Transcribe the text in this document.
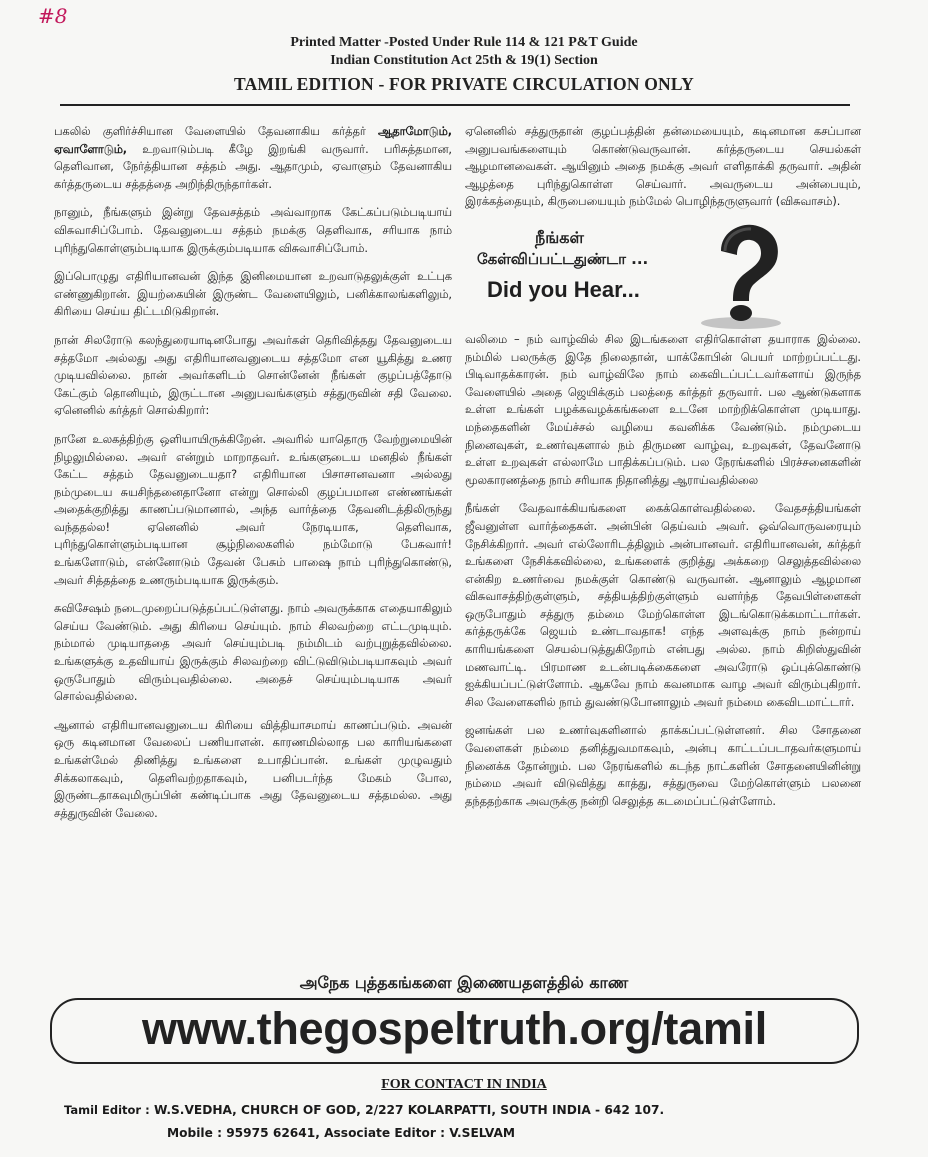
#8
Printed Matter -Posted Under Rule 114 & 121 P&T Guide
Indian Constitution Act 25th & 19(1) Section
TAMIL EDITION - FOR PRIVATE CIRCULATION ONLY

பகலில் குளிர்ச்சியான வேளையில் தேவனாகிய கர்த்தர் ஆதாமோடும், ஏவாளோடும், உறவாடும்படி கீழே இறங்கி வருவார். பரிசுத்தமான, தெளிவான, நேர்த்தியான சத்தம் அது. ஆதாமும், ஏவாளும் தேவனாகிய கர்த்தருடைய சத்தத்தை அறிந்திருந்தார்கள்.

நானும், நீங்களும் இன்று தேவசத்தம் அவ்வாறாக கேட்கப்படும்படியாய் விசுவாசிப்போம். தேவனுடைய சத்தம் நமக்கு தெளிவாக, சரியாக நாம் புரிந்துகொள்ளும்படியாக இருக்கும்படியாக விசுவாசிப்போம்.

இப்பொழுது எதிரியானவன் இந்த இனிமையான உறவாடுதலுக்குள் உட்புக எண்ணுகிறான். இயற்கையின் இருண்ட வேளையிலும், பனிக்காலங்களிலும், கிரியை செய்ய திட்டமிடுகிறான்.

நான் சிலரோடு கலந்துரையாடினபோது அவர்கள் தெரிவித்தது தேவனுடைய சத்தமோ அல்லது அது எதிரியானவனுடைய சத்தமோ என யூகித்து உணர முடியவில்லை. நான் அவர்களிடம் சொன்னேன் நீங்கள் குழப்பத்தோடு கேட்கும் தொனியும், இருட்டான அனுபவங்களும் சத்துருவின் சதி வேலை. ஏனெனில் கர்த்தர் சொல்கிறார்:

நானே உலகத்திற்கு ஒளியாயிருக்கிறேன். அவரில் யாதொரு வேற்றுமையின் நிழலுமில்லை. அவர் என்றும் மாறாதவர். உங்களுடைய மனதில் நீங்கள் கேட்ட சத்தம் தேவனுடையதா? எதிரியான பிசாசானவனா அல்லது நம்முடைய சுயசிந்தனைதானோ என்று சொல்லி குழப்பமான எண்ணங்கள் அதைக்குறித்து காணப்படுமானால், அந்த வார்த்தை தேவனிடத்திலிருந்து வந்ததல்ல! ஏனெனில் அவர் நேரடியாக, தெளிவாக, புரிந்துகொள்ளும்படியான சூழ்நிலைகளில் நம்மோடு பேசுவார்! உங்களோடும், என்னோடும் தேவன் பேசும் பாஷை நாம் புரிந்துகொண்டு, அவர் சித்தத்தை உணரும்படியாக இருக்கும்.

சுவிசேஷம் நடைமுறைப்படுத்தப்பட்டுள்ளது. நாம் அவருக்காக எதையாகிலும் செய்ய வேண்டும். அது கிரியை செய்யும். நாம் சிலவற்றை எட்டமுடியும். நம்மால் முடியாததை அவர் செய்யும்படி நம்மிடம் வற்புறுத்தவில்லை. உங்களுக்கு உதவியாய் இருக்கும் சிலவற்றை விட்டுவிடும்படியாகவும் அவர் ஒருபோதும் விரும்புவதில்லை. அதைச் செய்யும்படியாக அவர் சொல்வதில்லை.

ஆனால் எதிரியானவனுடைய கிரியை வித்தியாசமாய் காணப்படும். அவன் ஒரு கடினமான வேலைப் பணியாளன். காரணமில்லாத பல காரியங்களை உங்கள்மேல் திணித்து உங்களை உபாதிப்பான். உங்கள் முழுவதும் சிக்கலாகவும், தெளிவற்றதாகவும், பனிபடர்ந்த மேகம் போல, இருண்டதாகவுமிருப்பின் கண்டிப்பாக அது தேவனுடைய சத்தமல்ல. அது சத்துருவின் வேலை.

ஏனெனில் சத்துருதான் குழப்பத்தின் தன்மையையும், கடினமான கசப்பான அனுபவங்களையும் கொண்டுவருவான். கர்த்தருடைய செயல்கள் ஆழமானவைகள். ஆயினும் அதை நமக்கு அவர் எளிதாக்கி தருவார். அதின் ஆழத்தை புரிந்துகொள்ள செய்வார். அவருடைய அன்பையும், இரக்கத்தையும், கிருபையையும் நம்மேல் பொழிந்தருளுவார் (விசுவாசம்).

நீங்கள்
கேள்விப்பட்டதுண்டா ...
Did you Hear...

வலிமை – நம் வாழ்வில் சில இடங்களை எதிர்கொள்ள தயாராக இல்லை. நம்மில் பலருக்கு இதே நிலைதான், யாக்கோபின் பெயர் மாற்றப்பட்டது. பிடிவாதக்காரன். நம் வாழ்விலே நாம் கைவிடப்பட்டவர்களாய் இருந்த வேளையில் அதை ஜெயிக்கும் பலத்தை கர்த்தர் தருவார். பல ஆண்டுகளாக உள்ள உங்கள் பழக்கவழக்கங்களை உடனே மாற்றிக்கொள்ள முடியாது. மந்தைகளின் மேய்ச்சல் வழியை கவனிக்க வேண்டும். நம்முடைய நினைவுகள், உணர்வுகளால் நம் திருமண வாழ்வு, உறவுகள், தேவனோடு உள்ள உறவுகள் எல்லாமே பாதிக்கப்படும். பல நேரங்களில் பிரச்சனைகளின் மூலகாரணத்தை நாம் சரியாக நிதானித்து ஆராய்வதில்லை

நீங்கள் வேதவாக்கியங்களை கைக்கொள்வதில்லை. வேதசத்தியங்கள் ஜீவனுள்ள வார்த்தைகள். அன்பின் தெய்வம் அவர். ஒவ்வொருவரையும் நேசிக்கிறார். அவர் எல்லோரிடத்திலும் அன்பானவர். எதிரியானவன், கர்த்தர் உங்களை நேசிக்கவில்லை, உங்களைக் குறித்து அக்கறை செலுத்தவில்லை என்கிற உணர்வை நமக்குள் கொண்டு வருவான். ஆனாலும் ஆழமான விசுவாசத்திற்குள்ளும், சத்தியத்திற்குள்ளும் வளர்ந்த தேவபிள்ளைகள் ஒருபோதும் சத்துரு தம்மை மேற்கொள்ள இடங்கொடுக்கமாட்டார்கள். கர்த்தருக்கே ஜெயம் உண்டாவதாக! எந்த அளவுக்கு நாம் நன்றாய் காரியங்களை செயல்படுத்துகிறோம் என்பது அல்ல. நாம் கிறிஸ்துவின் மணவாட்டி. பிரமாண உடன்படிக்கைகளை அவரோடு ஒப்புக்கொண்டு ஐக்கியப்பட்டுள்ளோம். ஆகவே நாம் கவனமாக வாழ அவர் விரும்புகிறார். சில வேளைகளில் நாம் துவண்டுபோனாலும் அவர் நம்மை கைவிடமாட்டார்.

ஜனங்கள் பல உணர்வுகளினால் தாக்கப்பட்டுள்ளனர். சில சோதனை வேளைகள் நம்மை தனித்துவமாகவும், அன்பு காட்டப்படாதவர்களுமாய் நினைக்க தோன்றும். பல நேரங்களில் கடந்த நாட்களின் சோதனையினின்று நம்மை அவர் விடுவித்து காத்து, சத்துருவை மேற்கொள்ளும் பலனை தந்ததற்காக அவருக்கு நன்றி செலுத்த கடமைப்பட்டுள்ளோம்.

அநேக புத்தகங்களை இணையதளத்தில் காண
www.thegospeltruth.org/tamil
FOR CONTACT IN INDIA
Tamil Editor : W.S.VEDHA, CHURCH OF GOD, 2/227 KOLARPATTI, SOUTH INDIA - 642 107.
Mobile : 95975 62641, Associate Editor : V.SELVAM
